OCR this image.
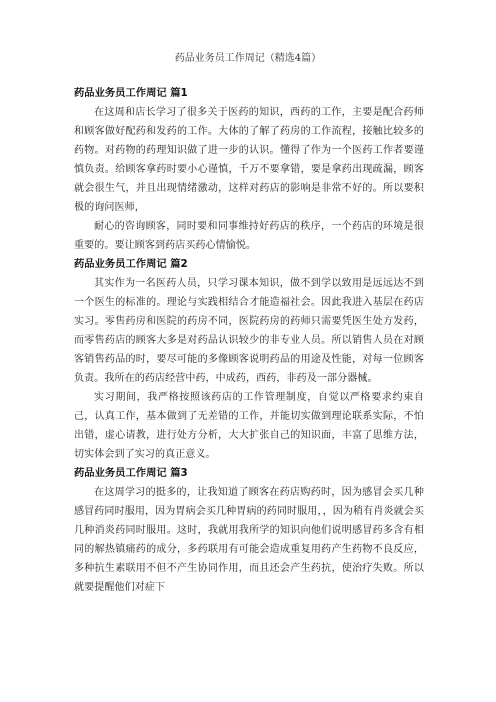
药品业务员工作周记（精选4篇）

药品业务员工作周记 篇1

在这周和店长学习了很多关于医药的知识，西药的工作，主要是配合药师和顾客做好配药和发药的工作。大体的了解了药房的工作流程，接触比较多的药物。对药物的药理知识做了进一步的认识。懂得了作为一个医药工作者要谨慎负责。给顾客拿药时要小心谨慎，千万不要拿错，要是拿药出现疏漏，顾客就会很生气，并且出现情绪激动，这样对药店的影响是非常不好的。所以要积极的询问医师，

耐心的咨询顾客，同时要和同事维持好药店的秩序，一个药店的环境是很重要的。要让顾客到药店买药心情愉悦。

药品业务员工作周记 篇2

其实作为一名医药人员，只学习课本知识，做不到学以致用是远远达不到一个医生的标准的。理论与实践相结合才能造福社会。因此我进入基层在药店实习。零售药房和医院的药房不同，医院药房的药师只需要凭医生处方发药，而零售药店的顾客大多是对药品认识较少的非专业人员。所以销售人员在对顾客销售药品的时，要尽可能的多像顾客说明药品的用途及性能，对每一位顾客负责。我所在的药店经营中药，中成药，西药，非药及一部分器械。

实习期间，我严格按照该药店的工作管理制度，自觉以严格要求约束自己，认真工作，基本做到了无差错的工作，并能切实做到理论联系实际，不怕出错，虚心请教，进行处方分析，大大扩张自己的知识面，丰富了思维方法，切实体会到了实习的真正意义。

药品业务员工作周记 篇3

在这周学习的挺多的，让我知道了顾客在药店购药时，因为感冒会买几种感冒药同时服用，因为胃病会买几种胃病的药同时服用，，因为稍有肖炎就会买几种消炎药同时服用。这时，我就用我所学的知识向他们说明感冒药多含有相同的解热镇痛药的成分，多药联用有可能会造成重复用药产生药物不良反应，多种抗生素联用不但不产生协同作用，而且还会产生药抗，使治疗失败。所以就要提醒他们对症下
